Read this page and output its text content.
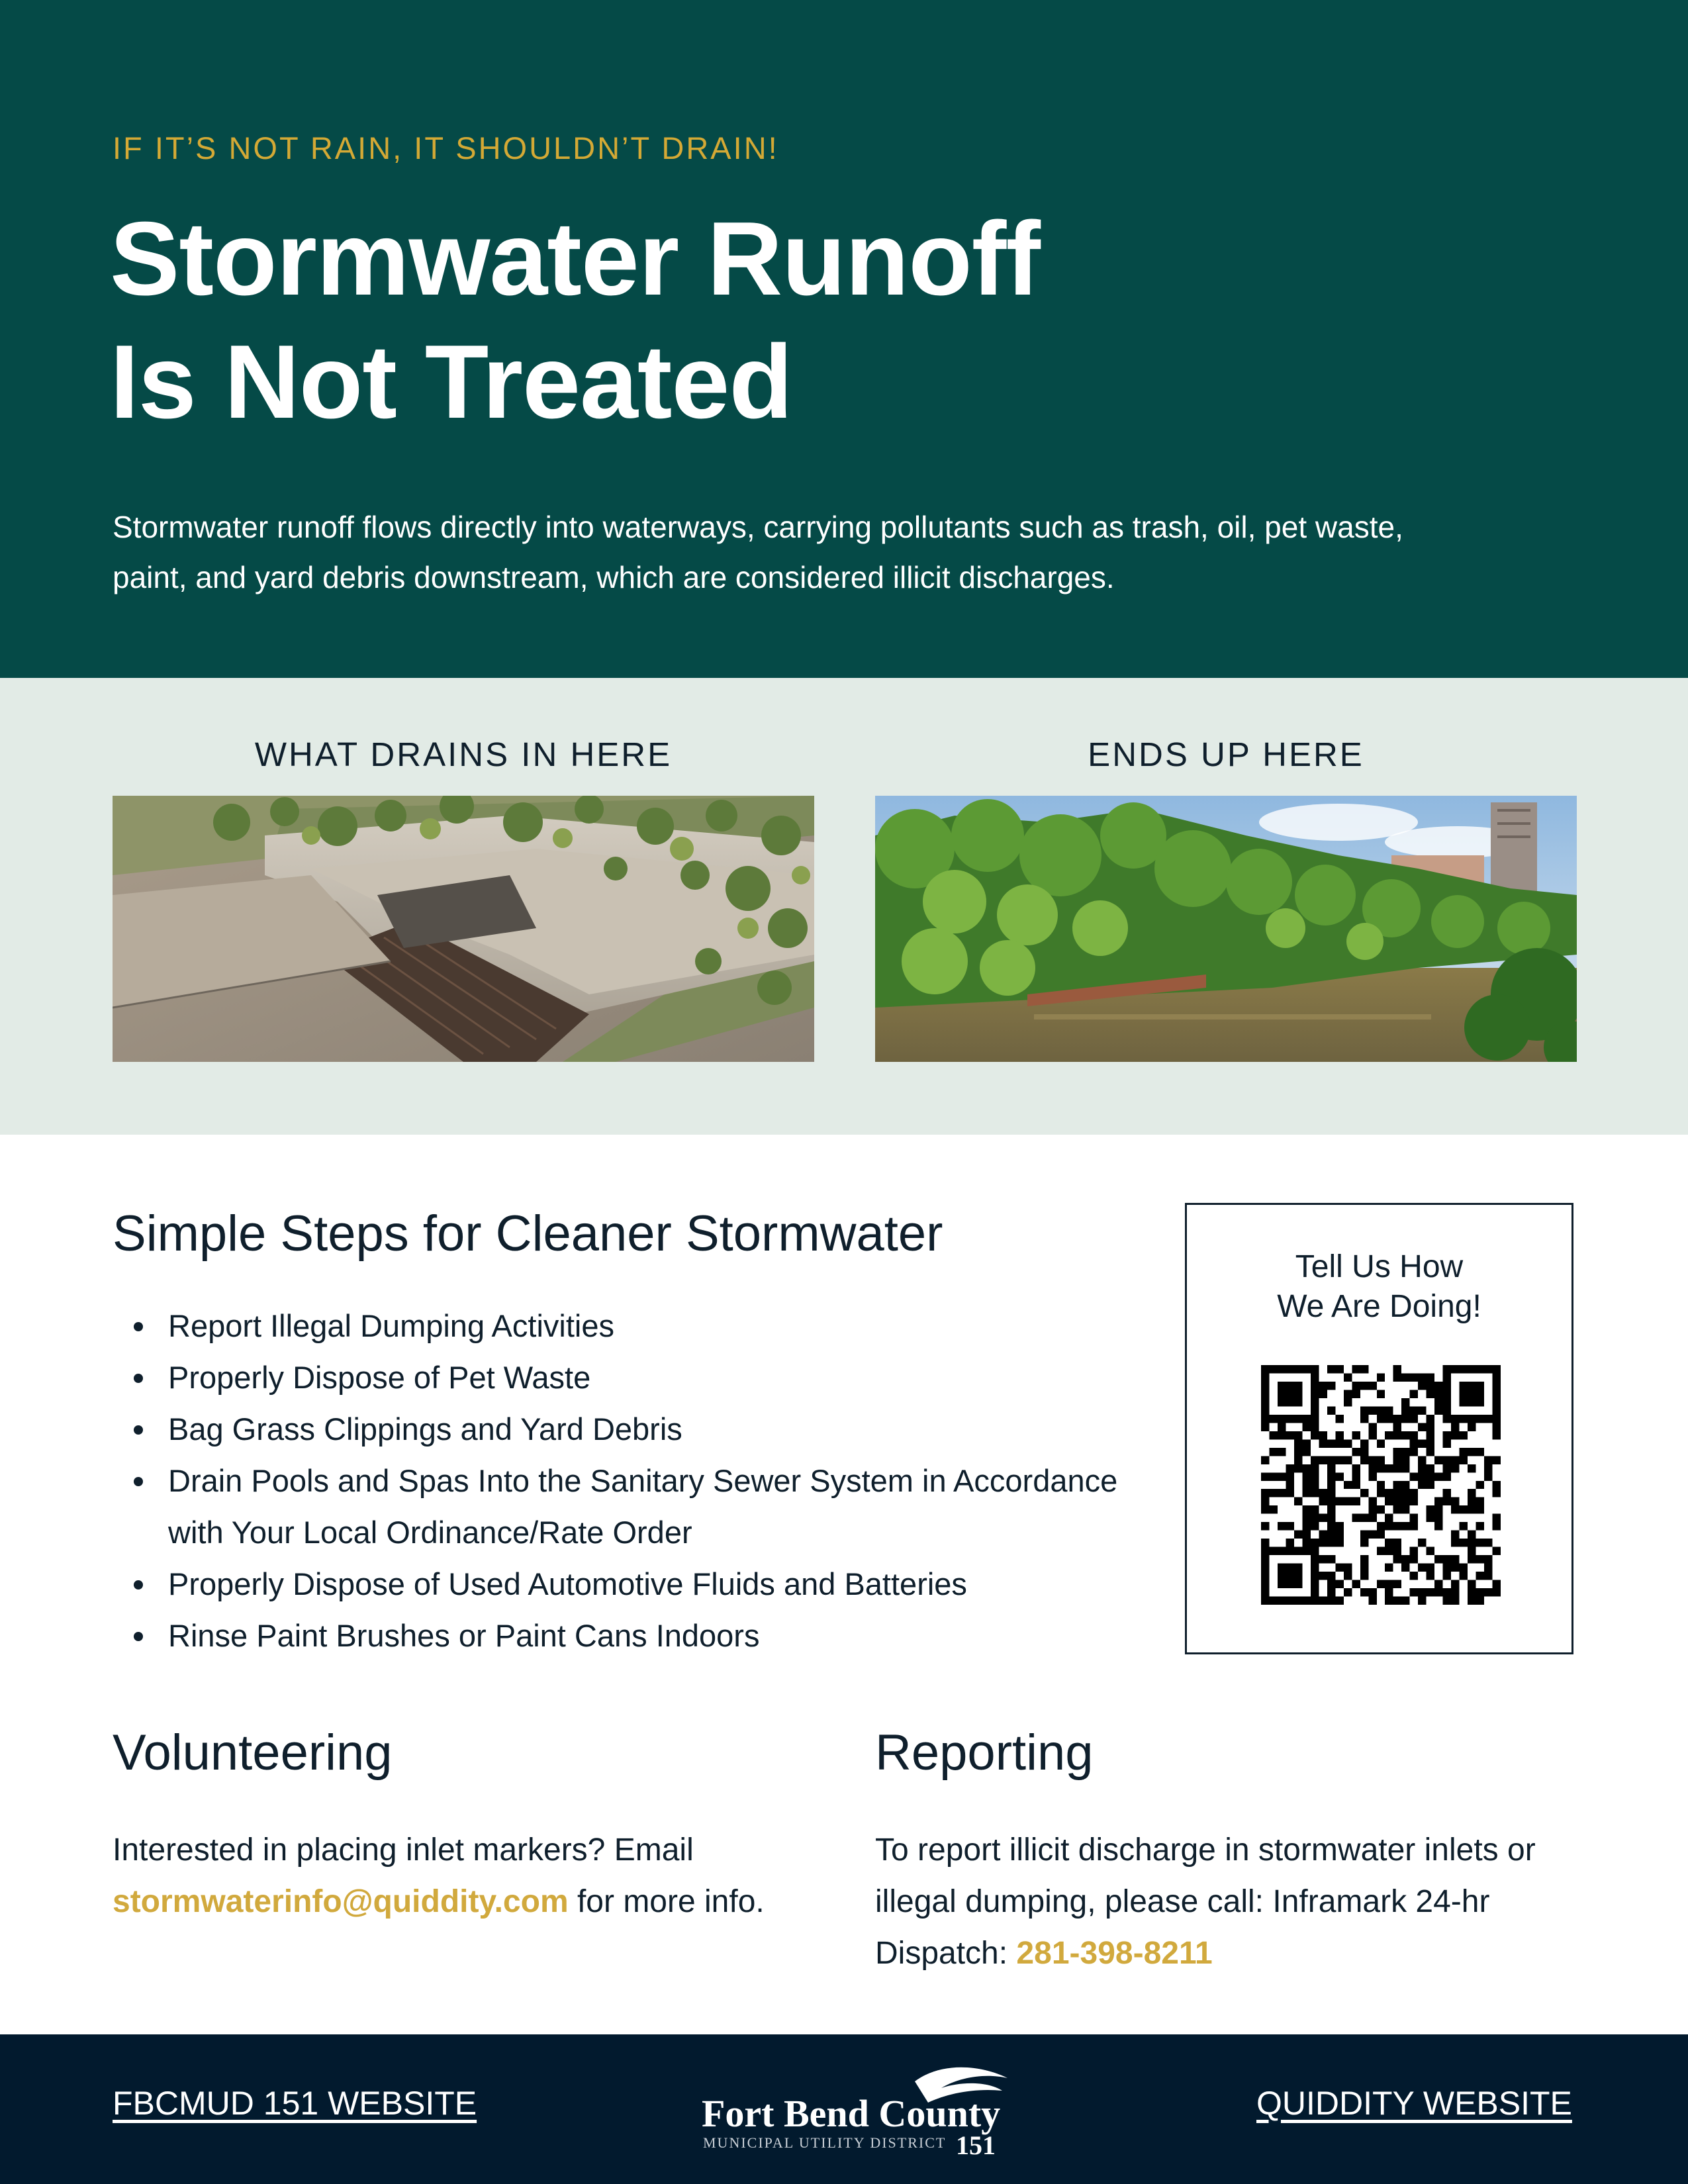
IF IT’S NOT RAIN, IT SHOULDN’T DRAIN!
Stormwater Runoff
Is Not Treated
Stormwater runoff flows directly into waterways, carrying pollutants such as trash, oil, pet waste, paint, and yard debris downstream, which are considered illicit discharges.
WHAT DRAINS IN HERE	ENDS UP HERE
Simple Steps for Cleaner Stormwater
Report Illegal Dumping Activities
Properly Dispose of Pet Waste
Bag Grass Clippings and Yard Debris
Drain Pools and Spas Into the Sanitary Sewer System in Accordance with Your Local Ordinance/Rate Order
Properly Dispose of Used Automotive Fluids and Batteries
Rinse Paint Brushes or Paint Cans Indoors
Tell Us How
We Are Doing!
Volunteering
Interested in placing inlet markers? Email
stormwaterinfo@quiddity.com for more info.
Reporting
To report illicit discharge in stormwater inlets or illegal dumping, please call: Inframark 24-hr Dispatch: 281-398-8211
FBCMUD 151 WEBSITE	QUIDDITY WEBSITE
Fort Bend County
MUNICIPAL UTILITY DISTRICT 151
